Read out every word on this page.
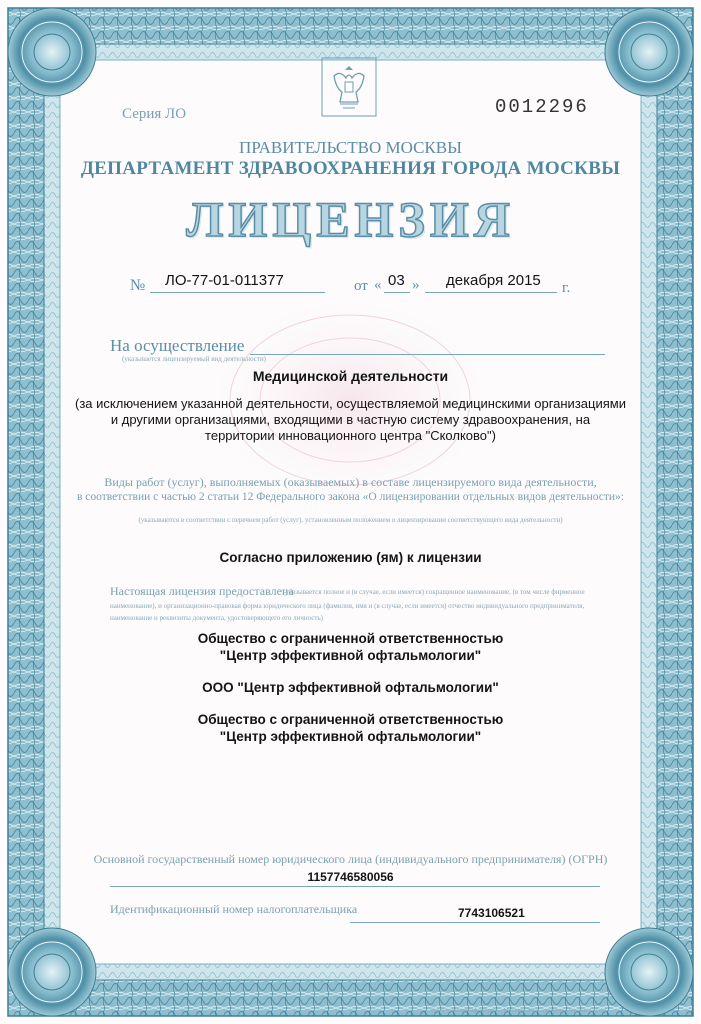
Серия ЛО	0012296
ПРАВИТЕЛЬСТВО МОСКВЫ
ДЕПАРТАМЕНТ ЗДРАВООХРАНЕНИЯ ГОРОДА МОСКВЫ
ЛИЦЕНЗИЯ
№ ЛО-77-01-011377	от « 03 » декабря 2015 г.
На осуществление
(указывается лицензируемый вид деятельности)
Медицинской деятельности
(за исключением указанной деятельности, осуществляемой медицинскими организациями
и другими организациями, входящими в частную систему здравоохранения, на
территории инновационного центра "Сколково")
Виды работ (услуг), выполняемых (оказываемых) в составе лицензируемого вида деятельности,
в соответствии с частью 2 статьи 12 Федерального закона «О лицензировании отдельных видов деятельности»:
(указываются в соответствии с перечнем работ (услуг), установленным положением о лицензировании соответствующего вида деятельности)
Согласно приложению (ям) к лицензии
Настоящая лицензия предоставлена
(указывается полное и (в случае, если имеется) сокращенное наименование, (в том числе фирменное
наименование), и организационно-правовая форма юридического лица (фамилия, имя и (в случае, если имеется) отчество индивидуального предпринимателя,
наименование и реквизиты документа, удостоверяющего его личность)
Общество с ограниченной ответственностью
"Центр эффективной офтальмологии"
ООО "Центр эффективной офтальмологии"
Общество с ограниченной ответственностью
"Центр эффективной офтальмологии"
Основной государственный номер юридического лица (индивидуального предпринимателя) (ОГРН)
1157746580056
Идентификационный номер налогоплательщика	7743106521
© ЗАО «Полиграф-защита», Москва, 2012, «уровень «Б», зак. 131-12
